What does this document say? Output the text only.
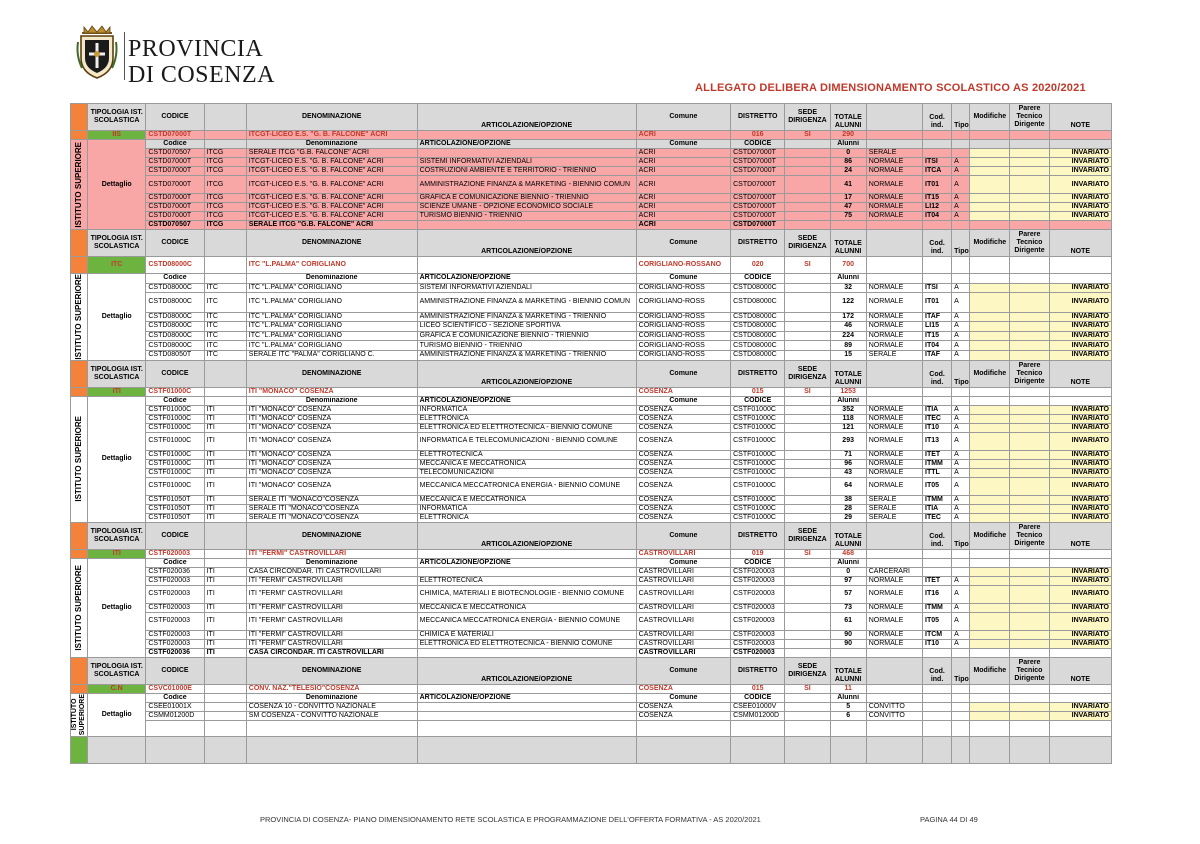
PROVINCIA
DI COSENZA	ALLEGATO DELIBERA DIMENSIONAMENTO SCOLASTICO AS 2020/2021
	TIPOLOGIA IST. SCOLASTICA	CODICE		DENOMINAZIONE	ARTICOLAZIONE/OPZIONE	Comune	DISTRETTO	SEDE DIRIGENZA	TOTALE ALUNNI		Cod. ind.	Tipo	Modifiche	Parere Tecnico Dirigente	NOTE
	IIS	CSTD07000T		ITCGT-LICEO E.S. "G. B. FALCONE" ACRI		ACRI	016	SI	290						

ISTITUTO SUPERIORE	Dettaglio	Codice		Denominazione	ARTICOLAZIONE/OPZIONE	Comune	CODICE		Alunni						
		CSTD070507	ITCG	SERALE ITCG "G.B. FALCONE" ACRI		ACRI	CSTD07000T		0	SERALE					INVARIATO
		CSTD07000T	ITCG	ITCGT-LICEO E.S. "G. B. FALCONE" ACRI	SISTEMI INFORMATIVI AZIENDALI	ACRI	CSTD07000T		86	NORMALE	ITSI	A			INVARIATO
		CSTD07000T	ITCG	ITCGT-LICEO E.S. "G. B. FALCONE" ACRI	COSTRUZIONI AMBIENTE E TERRITORIO - TRIENNIO	ACRI	CSTD07000T		24	NORMALE	ITCA	A			INVARIATO
		CSTD07000T	ITCG	ITCGT-LICEO E.S. "G. B. FALCONE" ACRI	AMMINISTRAZIONE FINANZA & MARKETING - BIENNIO COMUN	ACRI	CSTD07000T		41	NORMALE	IT01	A			INVARIATO
		CSTD07000T	ITCG	ITCGT-LICEO E.S. "G. B. FALCONE" ACRI	GRAFICA E COMUNICAZIONE BIENNIO - TRIENNIO	ACRI	CSTD07000T		17	NORMALE	IT15	A			INVARIATO
		CSTD07000T	ITCG	ITCGT-LICEO E.S. "G. B. FALCONE" ACRI	SCIENZE UMANE - OPZIONE ECONOMICO SOCIALE	ACRI	CSTD07000T		47	NORMALE	LI12	A			INVARIATO
		CSTD07000T	ITCG	ITCGT-LICEO E.S. "G. B. FALCONE" ACRI	TURISMO BIENNIO - TRIENNIO	ACRI	CSTD07000T		75	NORMALE	IT04	A			INVARIATO
		CSTD070507	ITCG	SERALE ITCG "G.B. FALCONE" ACRI		ACRI	CSTD07000T								
	TIPOLOGIA IST. SCOLASTICA	CODICE		DENOMINAZIONE	ARTICOLAZIONE/OPZIONE	Comune	DISTRETTO	SEDE DIRIGENZA	TOTALE ALUNNI		Cod. ind.	Tipo	Modifiche	Parere Tecnico Dirigente	NOTE
	ITC	CSTD08000C		ITC "L.PALMA" CORIGLIANO		CORIGLIANO-ROSSANO	020	SI	700						

ISTITUTO SUPERIORE	Dettaglio	Codice		Denominazione	ARTICOLAZIONE/OPZIONE	Comune	CODICE		Alunni						
		CSTD08000C	ITC	ITC "L.PALMA" CORIGLIANO	SISTEMI INFORMATIVI AZIENDALI	CORIGLIANO-ROSS	CSTD08000C		32	NORMALE	ITSI	A			INVARIATO
		CSTD08000C	ITC	ITC "L.PALMA" CORIGLIANO	AMMINISTRAZIONE FINANZA & MARKETING - BIENNIO COMUN	CORIGLIANO-ROSS	CSTD08000C		122	NORMALE	IT01	A			INVARIATO
		CSTD08000C	ITC	ITC "L.PALMA" CORIGLIANO	AMMINISTRAZIONE FINANZA & MARKETING - TRIENNIO	CORIGLIANO-ROSS	CSTD08000C		172	NORMALE	ITAF	A			INVARIATO
		CSTD08000C	ITC	ITC "L.PALMA" CORIGLIANO	LICEO SCIENTIFICO - SEZIONE SPORTIVA	CORIGLIANO-ROSS	CSTD08000C		46	NORMALE	LI15	A			INVARIATO
		CSTD08000C	ITC	ITC "L.PALMA" CORIGLIANO	GRAFICA E COMUNICAZIONE BIENNIO - TRIENNIO	CORIGLIANO-ROSS	CSTD08000C		224	NORMALE	IT15	A			INVARIATO
		CSTD08000C	ITC	ITC "L.PALMA" CORIGLIANO	TURISMO BIENNIO - TRIENNIO	CORIGLIANO-ROSS	CSTD08000C		89	NORMALE	IT04	A			INVARIATO
		CSTD08050T	ITC	SERALE ITC "PALMA" CORIGLIANO C.	AMMINISTRAZIONE FINANZA & MARKETING - TRIENNIO	CORIGLIANO-ROSS	CSTD08000C		15	SERALE	ITAF	A			INVARIATO
	TIPOLOGIA IST. SCOLASTICA	CODICE		DENOMINAZIONE	ARTICOLAZIONE/OPZIONE	Comune	DISTRETTO	SEDE DIRIGENZA	TOTALE ALUNNI		Cod. ind.	Tipo	Modifiche	Parere Tecnico Dirigente	NOTE
	ITI	CSTF01000C		ITI "MONACO" COSENZA		COSENZA	015	SI	1253						

ISTITUTO SUPERIORE	Dettaglio	Codice		Denominazione	ARTICOLAZIONE/OPZIONE	Comune	CODICE		Alunni						
		CSTF01000C	ITI	ITI "MONACO" COSENZA	INFORMATICA	COSENZA	CSTF01000C		352	NORMALE	ITIA	A			INVARIATO
		CSTF01000C	ITI	ITI "MONACO" COSENZA	ELETTRONICA	COSENZA	CSTF01000C		118	NORMALE	ITEC	A			INVARIATO
		CSTF01000C	ITI	ITI "MONACO" COSENZA	ELETTRONICA ED ELETTROTECNICA - BIENNIO COMUNE	COSENZA	CSTF01000C		121	NORMALE	IT10	A			INVARIATO
		CSTF01000C	ITI	ITI "MONACO" COSENZA	INFORMATICA E TELECOMUNICAZIONI - BIENNIO COMUNE	COSENZA	CSTF01000C		293	NORMALE	IT13	A			INVARIATO
		CSTF01000C	ITI	ITI "MONACO" COSENZA	ELETTROTECNICA	COSENZA	CSTF01000C		71	NORMALE	ITET	A			INVARIATO
		CSTF01000C	ITI	ITI "MONACO" COSENZA	MECCANICA E MECCATRONICA	COSENZA	CSTF01000C		96	NORMALE	ITMM	A			INVARIATO
		CSTF01000C	ITI	ITI "MONACO" COSENZA	TELECOMUNICAZIONI	COSENZA	CSTF01000C		43	NORMALE	ITTL	A			INVARIATO
		CSTF01000C	ITI	ITI "MONACO" COSENZA	MECCANICA MECCATRONICA ENERGIA - BIENNIO COMUNE	COSENZA	CSTF01000C		64	NORMALE	IT05	A			INVARIATO
		CSTF01050T	ITI	SERALE ITI "MONACO"COSENZA	MECCANICA E MECCATRONICA	COSENZA	CSTF01000C		38	SERALE	ITMM	A			INVARIATO
		CSTF01050T	ITI	SERALE ITI "MONACO"COSENZA	INFORMATICA	COSENZA	CSTF01000C		28	SERALE	ITIA	A			INVARIATO
		CSTF01050T	ITI	SERALE ITI "MONACO"COSENZA	ELETTRONICA	COSENZA	CSTF01000C		29	SERALE	ITEC	A			INVARIATO
	TIPOLOGIA IST. SCOLASTICA	CODICE		DENOMINAZIONE	ARTICOLAZIONE/OPZIONE	Comune	DISTRETTO	SEDE DIRIGENZA	TOTALE ALUNNI		Cod. ind.	Tipo	Modifiche	Parere Tecnico Dirigente	NOTE
	ITI	CSTF020003		ITI "FERMI" CASTROVILLARI		CASTROVILLARI	019	SI	468						

ISTITUTO SUPERIORE	Dettaglio	Codice		Denominazione	ARTICOLAZIONE/OPZIONE	Comune	CODICE		Alunni						
		CSTF020036	ITI	CASA CIRCONDAR. ITI CASTROVILLARI		CASTROVILLARI	CSTF020003		0	CARCERARI					INVARIATO
		CSTF020003	ITI	ITI "FERMI" CASTROVILLARI	ELETTROTECNICA	CASTROVILLARI	CSTF020003		97	NORMALE	ITET	A			INVARIATO
		CSTF020003	ITI	ITI "FERMI" CASTROVILLARI	CHIMICA, MATERIALI E BIOTECNOLOGIE - BIENNIO COMUNE	CASTROVILLARI	CSTF020003		57	NORMALE	IT16	A			INVARIATO
		CSTF020003	ITI	ITI "FERMI" CASTROVILLARI	MECCANICA E MECCATRONICA	CASTROVILLARI	CSTF020003		73	NORMALE	ITMM	A			INVARIATO
		CSTF020003	ITI	ITI "FERMI" CASTROVILLARI	MECCANICA MECCATRONICA ENERGIA - BIENNIO COMUNE	CASTROVILLARI	CSTF020003		61	NORMALE	IT05	A			INVARIATO
		CSTF020003	ITI	ITI "FERMI" CASTROVILLARI	CHIMICA E MATERIALI	CASTROVILLARI	CSTF020003		90	NORMALE	ITCM	A			INVARIATO
		CSTF020003	ITI	ITI "FERMI" CASTROVILLARI	ELETTRONICA ED ELETTROTECNICA - BIENNIO COMUNE	CASTROVILLARI	CSTF020003		90	NORMALE	IT10	A			INVARIATO
		CSTF020036	ITI	CASA CIRCONDAR. ITI CASTROVILLARI		CASTROVILLARI	CSTF020003								
	TIPOLOGIA IST. SCOLASTICA	CODICE		DENOMINAZIONE	ARTICOLAZIONE/OPZIONE	Comune	DISTRETTO	SEDE DIRIGENZA	TOTALE ALUNNI		Cod. ind.	Tipo	Modifiche	Parere Tecnico Dirigente	NOTE
	C.N	CSVC01000E		CONV. NAZ."TELESIO"COSENZA		COSENZA	015	SI	11						

ISTITUTO
SUPERIORE	Dettaglio	Codice		Denominazione	ARTICOLAZIONE/OPZIONE	Comune	CODICE		Alunni						
		CSEE01001X		COSENZA 10 - CONVITTO NAZIONALE		COSENZA	CSEE01000V		5	CONVITTO					INVARIATO
		CSMM01200D		SM COSENZA - CONVITTO NAZIONALE		COSENZA	CSMM01200D		6	CONVITTO					INVARIATO

PROVINCIA DI COSENZA- PIANO DIMENSIONAMENTO RETE SCOLASTICA E PROGRAMMAZIONE DELL'OFFERTA FORMATIVA - AS 2020/2021	PAGINA 44 DI 49
